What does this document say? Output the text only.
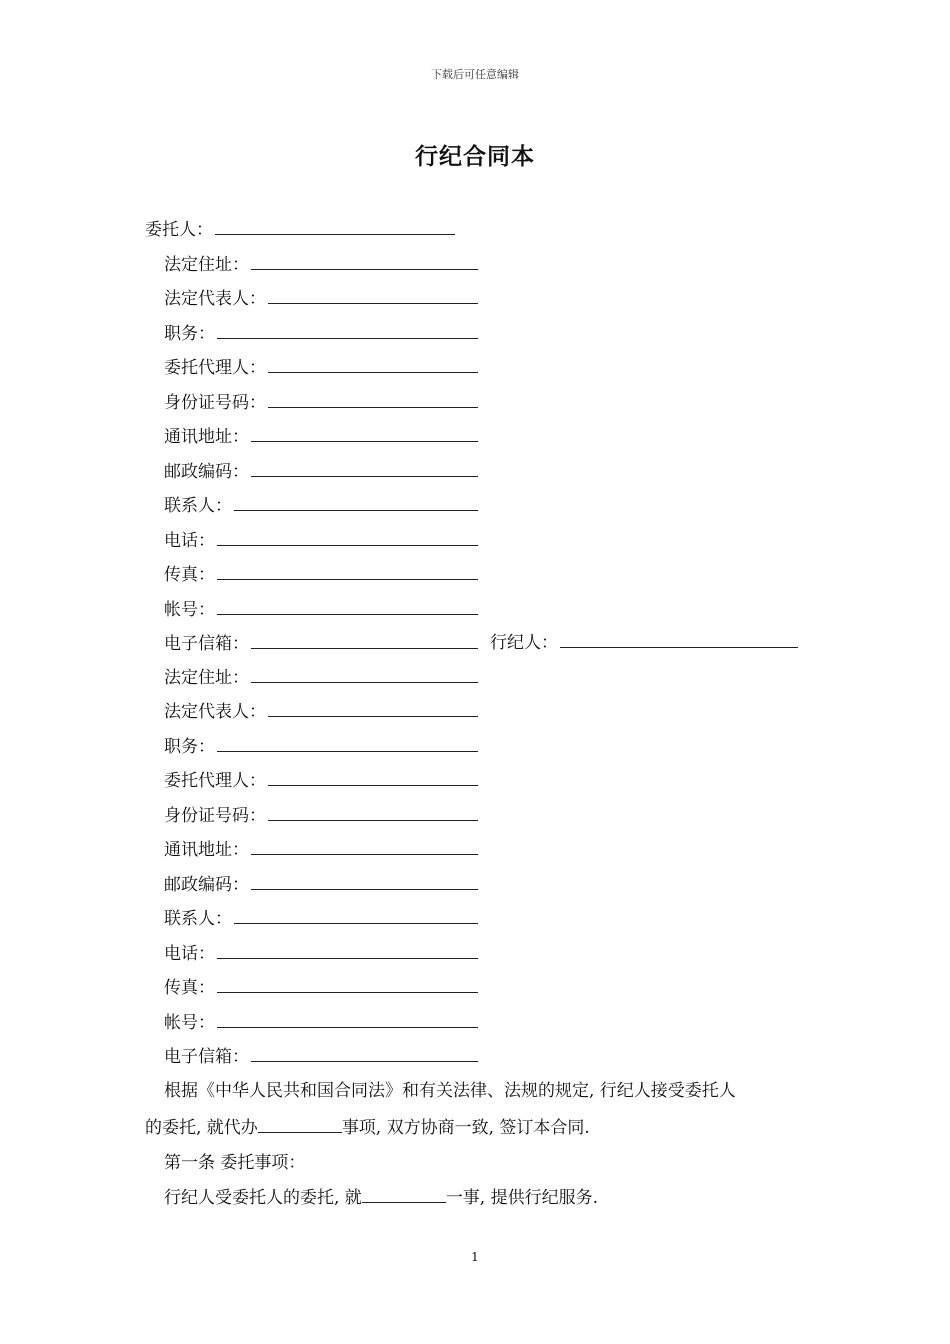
下载后可任意编辑
行纪合同本
委托人：
法定住址：
法定代表人：
职务：
委托代理人：
身份证号码：
通讯地址：
邮政编码：
联系人：
电话：
传真：
帐号：
电子信箱：	行纪人：
法定住址：
法定代表人：
职务：
委托代理人：
身份证号码：
通讯地址：
邮政编码：
联系人：
电话：
传真：
帐号：
电子信箱：
根据《中华人民共和国合同法》和有关法律、法规的规定, 行纪人接受委托人
的委托, 就代办	事项, 双方协商一致, 签订本合同.
第一条 委托事项：
行纪人受委托人的委托, 就	一事, 提供行纪服务.
1
